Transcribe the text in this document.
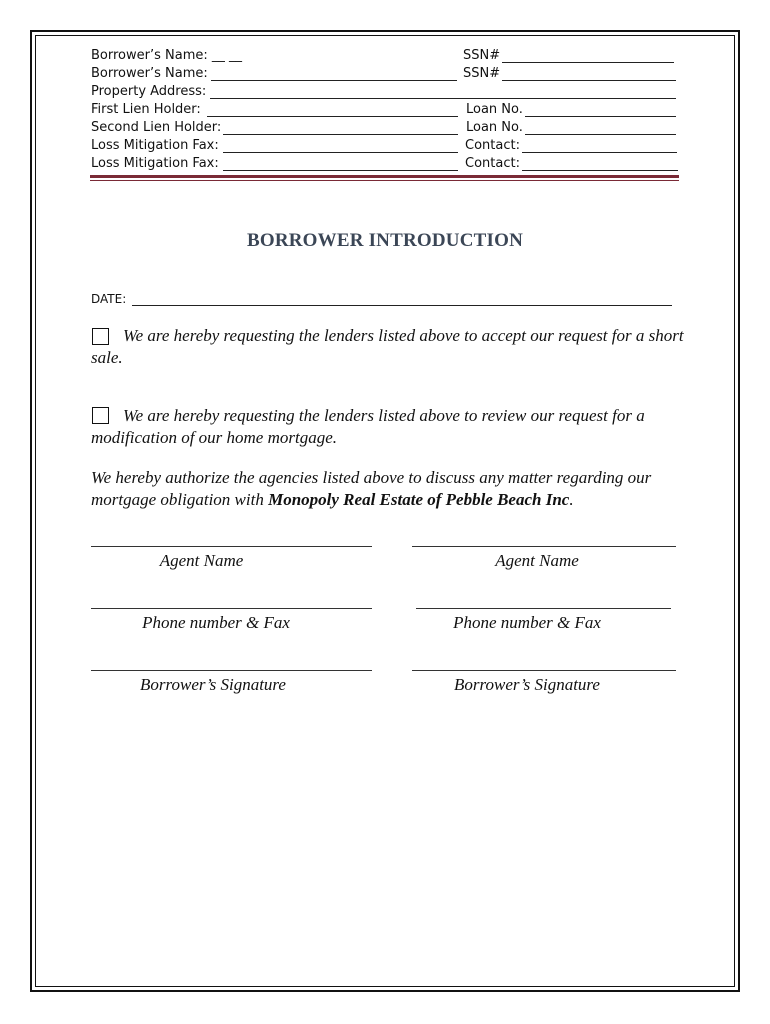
Borrower’s Name: __ __	SSN#
Borrower’s Name:	SSN#
Property Address:
First Lien Holder:	Loan No.
Second Lien Holder:	Loan No.
Loss Mitigation Fax:	Contact:
Loss Mitigation Fax:	Contact:
BORROWER INTRODUCTION
DATE:
We are hereby requesting the lenders listed above to accept our request for a short sale.
We are hereby requesting the lenders listed above to review our request for a modification of our home mortgage.
We hereby authorize the agencies listed above to discuss any matter regarding our mortgage obligation with Monopoly Real Estate of Pebble Beach Inc.
Agent Name	Agent Name
Phone number & Fax	Phone number & Fax
Borrower’s Signature	Borrower’s Signature
